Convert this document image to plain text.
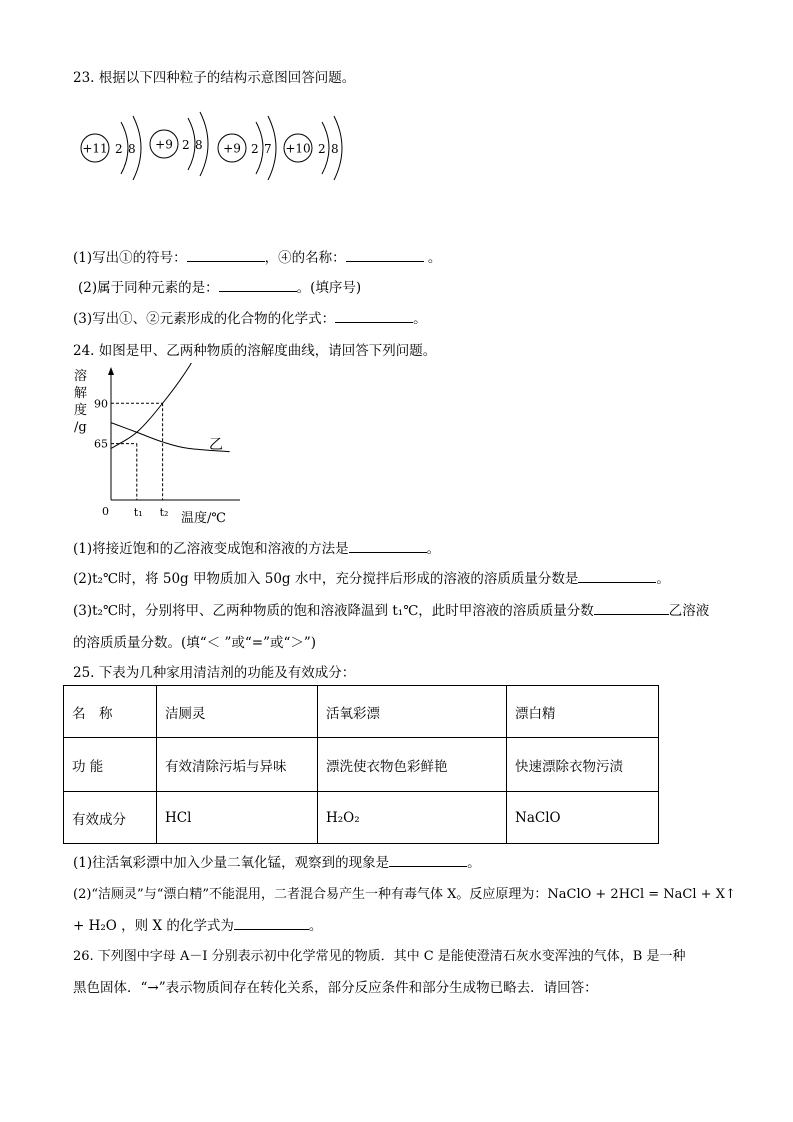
23. 根据以下四种粒子的结构示意图回答问题。
+11 2 8 +9 2 8 +9 2 7 +10 2 8
(1)写出①的符号：	，④的名称：	。
(2)属于同种元素的是：	。(填序号)
(3)写出①、②元素形成的化合物的化学式：	。
24. 如图是甲、乙两种物质的溶解度曲线，请回答下列问题。
溶
解
度
/g
0	温度/℃
65
90
t₁ t₂
乙
(1)将接近饱和的乙溶液变成饱和溶液的方法是	。
(2)t₂℃时，将 50g 甲物质加入 50g 水中，充分搅拌后形成的溶液的溶质质量分数是	。
(3)t₂℃时，分别将甲、乙两种物质的饱和溶液降温到 t₁℃，此时甲溶液的溶质质量分数	乙溶液
的溶质质量分数。(填“＜ ”或“=”或“＞”)
25. 下表为几种家用清洁剂的功能及有效成分：
名　称	洁厕灵	活氧彩漂	漂白精
功 能	有效清除污垢与异味	漂洗使衣物色彩鲜艳	快速漂除衣物污渍
有效成分	HCl	H₂O₂	NaClO
(1)往活氧彩漂中加入少量二氧化锰，观察到的现象是	。
(2)“洁厕灵”与“漂白精”不能混用，二者混合易产生一种有毒气体 X。反应原理为：NaClO + 2HCl = NaCl + X↑
+ H₂O ，则 X 的化学式为	。
26. 下列图中字母 A－I 分别表示初中化学常见的物质．其中 C 是能使澄清石灰水变浑浊的气体，B 是一种
黑色固体．“→”表示物质间存在转化关系，部分反应条件和部分生成物已略去．请回答：
